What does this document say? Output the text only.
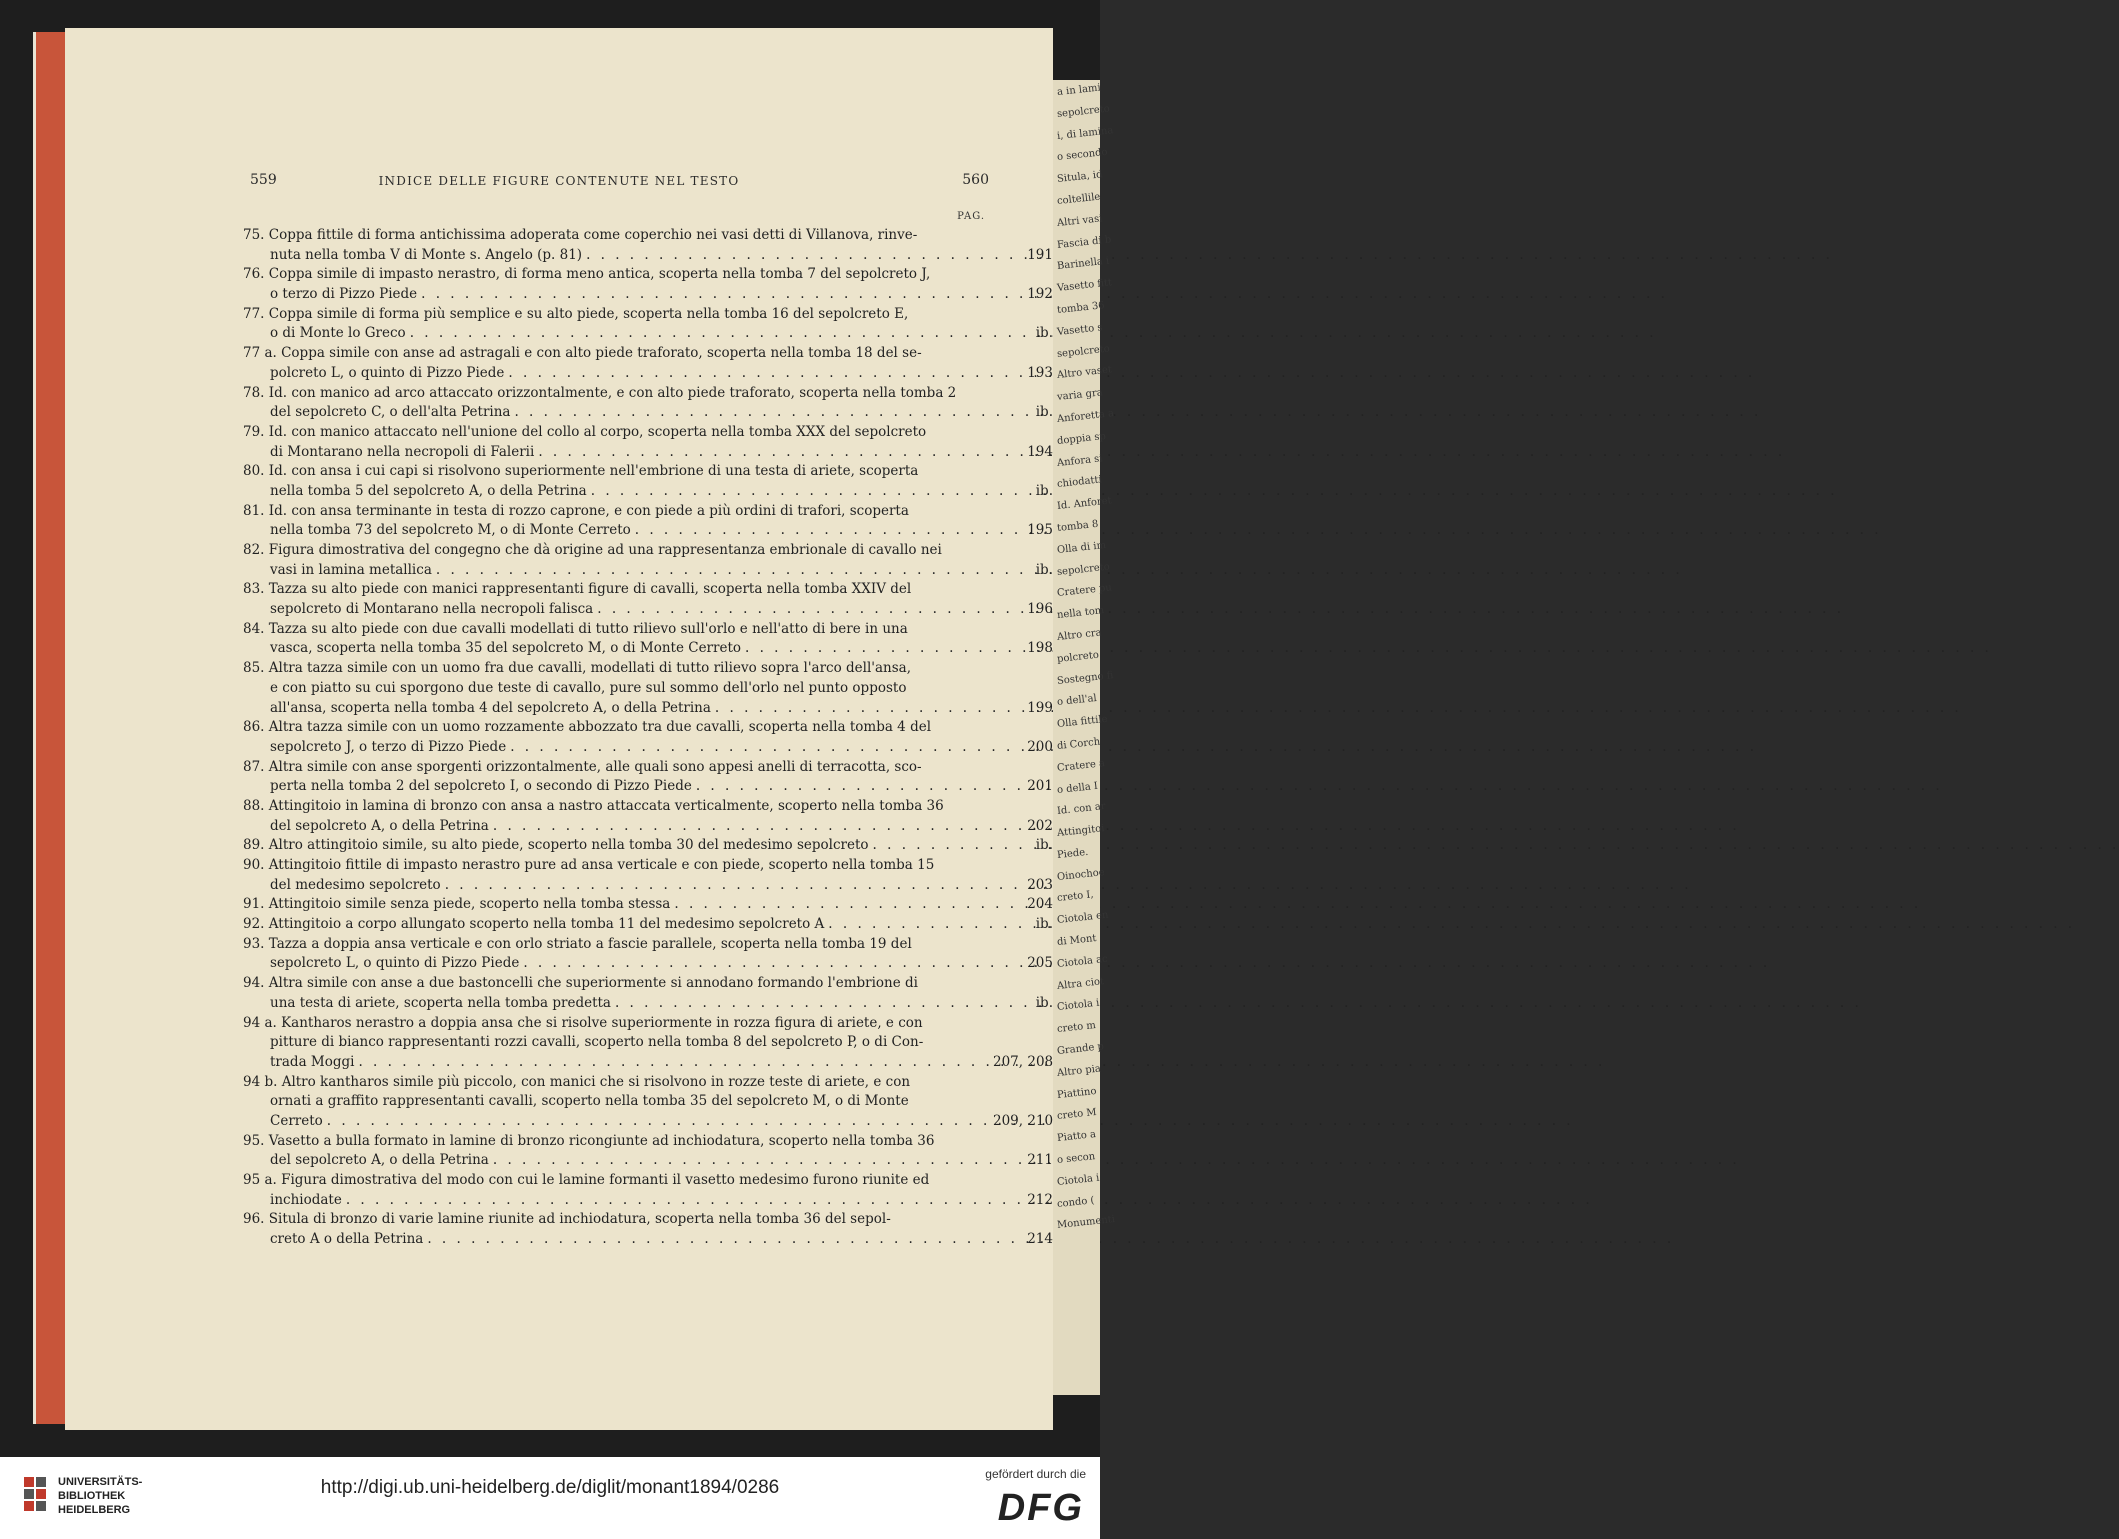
559	INDICE DELLE FIGURE CONTENUTE NEL TESTO	560
PAG.
75. Coppa fittile di forma antichissima adoperata come coperchio nei vasi detti di Villanova, rinve-
nuta nella tomba V di Monte s. Angelo (p. 81) . . .	191
76. Coppa simile di impasto nerastro, di forma meno antica, scoperta nella tomba 7 del sepolcreto J,
o terzo di Pizzo Piede . . .	192
77. Coppa simile di forma più semplice e su alto piede, scoperta nella tomba 16 del sepolcreto E,
o di Monte lo Greco . . .	ib.
77 a. Coppa simile con anse ad astragali e con alto piede traforato, scoperta nella tomba 18 del se-
polcreto L, o quinto di Pizzo Piede . . .	193
78. Id. con manico ad arco attaccato orizzontalmente, e con alto piede traforato, scoperta nella tomba 2
del sepolcreto C, o dell'alta Petrina . . .	ib.
79. Id. con manico attaccato nell'unione del collo al corpo, scoperta nella tomba XXX del sepolcreto
di Montarano nella necropoli di Falerii . . .	194
80. Id. con ansa i cui capi si risolvono superiormente nell'embrione di una testa di ariete, scoperta
nella tomba 5 del sepolcreto A, o della Petrina . . .	ib.
81. Id. con ansa terminante in testa di rozzo caprone, e con piede a più ordini di trafori, scoperta
nella tomba 73 del sepolcreto M, o di Monte Cerreto . . .	195
82. Figura dimostrativa del congegno che dà origine ad una rappresentanza embrionale di cavallo nei
vasi in lamina metallica . . .	ib.
83. Tazza su alto piede con manici rappresentanti figure di cavalli, scoperta nella tomba XXIV del
sepolcreto di Montarano nella necropoli falisca . . .	196
84. Tazza su alto piede con due cavalli modellati di tutto rilievo sull'orlo e nell'atto di bere in una
vasca, scoperta nella tomba 35 del sepolcreto M, o di Monte Cerreto . . .	198
85. Altra tazza simile con un uomo fra due cavalli, modellati di tutto rilievo sopra l'arco dell'ansa,
e con piatto su cui sporgono due teste di cavallo, pure sul sommo dell'orlo nel punto opposto
all'ansa, scoperta nella tomba 4 del sepolcreto A, o della Petrina . . .	199
86. Altra tazza simile con un uomo rozzamente abbozzato tra due cavalli, scoperta nella tomba 4 del
sepolcreto J, o terzo di Pizzo Piede . . .	200
87. Altra simile con anse sporgenti orizzontalmente, alle quali sono appesi anelli di terracotta, sco-
perta nella tomba 2 del sepolcreto I, o secondo di Pizzo Piede . . .	201
88. Attingitoio in lamina di bronzo con ansa a nastro attaccata verticalmente, scoperto nella tomba 36
del sepolcreto A, o della Petrina . . .	202
89. Altro attingitoio simile, su alto piede, scoperto nella tomba 30 del medesimo sepolcreto . . .	ib.
90. Attingitoio fittile di impasto nerastro pure ad ansa verticale e con piede, scoperto nella tomba 15
del medesimo sepolcreto . . .	203
91. Attingitoio simile senza piede, scoperto nella tomba stessa . . .	204
92. Attingitoio a corpo allungato scoperto nella tomba 11 del medesimo sepolcreto A . . .	ib.
93. Tazza a doppia ansa verticale e con orlo striato a fascie parallele, scoperta nella tomba 19 del
sepolcreto L, o quinto di Pizzo Piede . . .	205
94. Altra simile con anse a due bastoncelli che superiormente si annodano formando l'embrione di
una testa di ariete, scoperta nella tomba predetta . . .	ib.
94 a. Kantharos nerastro a doppia ansa che si risolve superiormente in rozza figura di ariete, e con
pitture di bianco rappresentanti rozzi cavalli, scoperto nella tomba 8 del sepolcreto P, o di Con-
trada Moggi . . .	207, 208
94 b. Altro kantharos simile più piccolo, con manici che si risolvono in rozze teste di ariete, e con
ornati a graffito rappresentanti cavalli, scoperto nella tomba 35 del sepolcreto M, o di Monte
Cerreto . . .	209, 210
95. Vasetto a bulla formato in lamine di bronzo ricongiunte ad inchiodatura, scoperto nella tomba 36
del sepolcreto A, o della Petrina . . .	211
95 a. Figura dimostrativa del modo con cui le lamine formanti il vasetto medesimo furono riunite ed
inchiodate . . .	212
96. Situla di bronzo di varie lamine riunite ad inchiodatura, scoperta nella tomba 36 del sepol-
creto A o della Petrina . . .	214
a in lami
sepolcreto
i, di lamina
o secondo
Situla, id
coltellile
Altri vasi
Fascia di b
Barinella i
Vasetto fitt
tomba 36
Vasetto s
sepolcreto
Altro vaset
varia gra
Anforetta a
doppia sp
Anfora si
chiodatti
Id. Anforet
tomba 8
Olla di im
sepolcreto
Cratere pu
nella tom
Altro cra
polcreto
Sostegno fi
o dell'al
Olla fittile
di Corch
Cratere a
o della I
Id. con ar
Attingitoi
Piede.
Oinochoe
creto I,
Ciotola en
di Mont
Ciotola ac
Altra ciot
Ciotola i
creto m
Grande p
Altro pia
Piattino
creto M
Piatto a
o secon
Ciotola i
condo (
Monumenti
UNIVERSITÄTS-
BIBLIOTHEK
HEIDELBERG
http://digi.ub.uni-heidelberg.de/diglit/monant1894/0286
gefördert durch die
DFG
